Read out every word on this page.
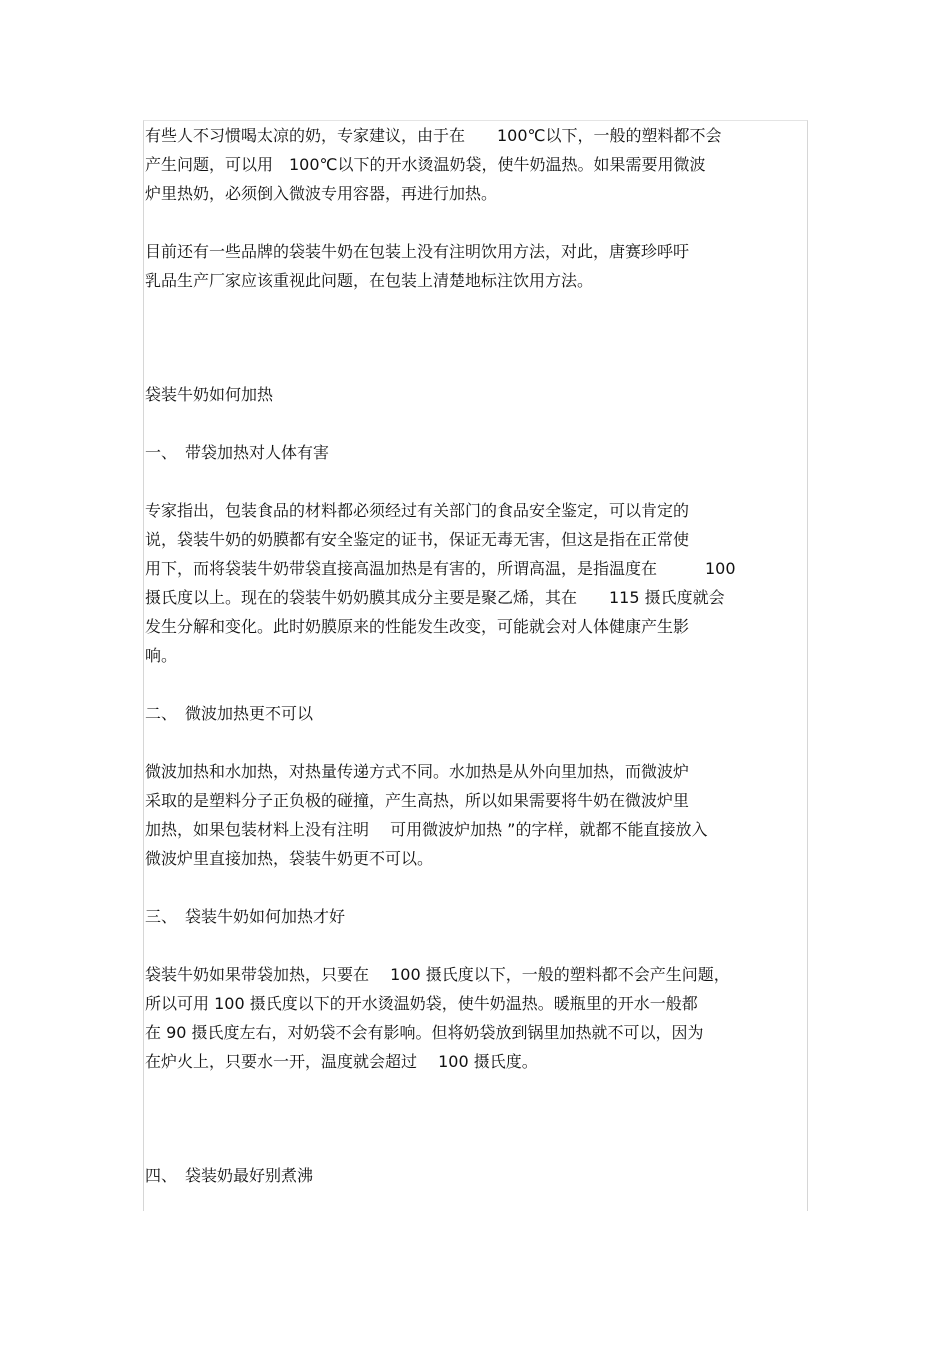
有些人不习惯喝太凉的奶，专家建议，由于在　　100℃以下，一般的塑料都不会
产生问题，可以用　100℃以下的开水烫温奶袋，使牛奶温热。如果需要用微波
炉里热奶，必须倒入微波专用容器，再进行加热。
目前还有一些品牌的袋装牛奶在包装上没有注明饮用方法，对此，唐赛珍呼吁
乳品生产厂家应该重视此问题，在包装上清楚地标注饮用方法。
袋装牛奶如何加热
一、　带袋加热对人体有害
专家指出，包装食品的材料都必须经过有关部门的食品安全鉴定，可以肯定的
说，袋装牛奶的奶膜都有安全鉴定的证书，保证无毒无害，但这是指在正常使
用下，而将袋装牛奶带袋直接高温加热是有害的，所谓高温，是指温度在　　　100
摄氏度以上。现在的袋装牛奶奶膜其成分主要是聚乙烯，其在　　115 摄氏度就会
发生分解和变化。此时奶膜原来的性能发生改变，可能就会对人体健康产生影
响。
二、　微波加热更不可以
微波加热和水加热，对热量传递方式不同。水加热是从外向里加热，而微波炉
采取的是塑料分子正负极的碰撞，产生高热，所以如果需要将牛奶在微波炉里
加热，如果包装材料上没有注明　 可用微波炉加热 ”的字样，就都不能直接放入
微波炉里直接加热，袋装牛奶更不可以。
三、　袋装牛奶如何加热才好
袋装牛奶如果带袋加热，只要在　 100 摄氏度以下，一般的塑料都不会产生问题，
所以可用 100 摄氏度以下的开水烫温奶袋，使牛奶温热。暖瓶里的开水一般都
在 90 摄氏度左右，对奶袋不会有影响。但将奶袋放到锅里加热就不可以，因为
在炉火上，只要水一开，温度就会超过　 100 摄氏度。
四、　袋装奶最好别煮沸
